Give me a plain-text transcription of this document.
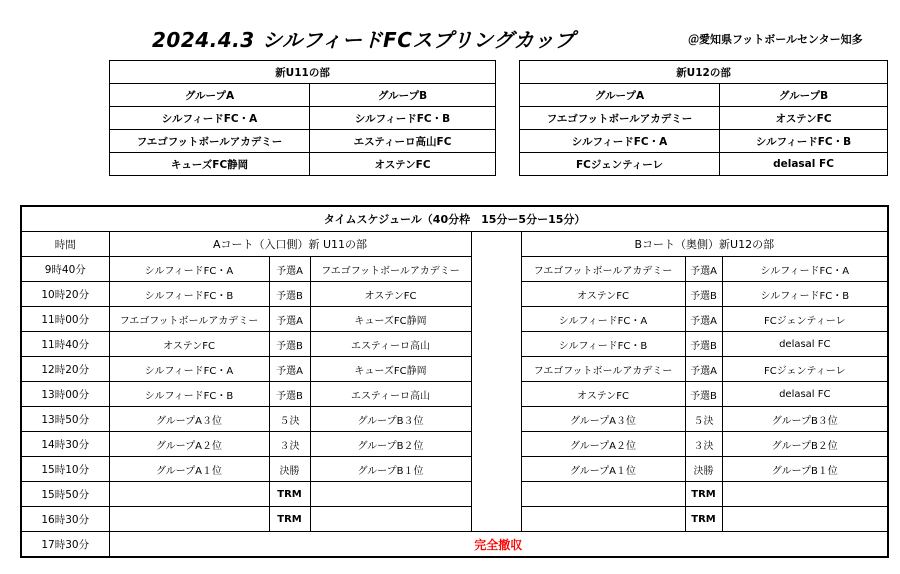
2024.4.3 シルフィードFCスプリングカップ	＠愛知県フットボールセンター知多
新U11の部	
グループA	グループB
シルフィードFC・A	シルフィードFC・B
フエゴフットボールアカデミー	エスティーロ高山FC
キューズFC静岡	オステンFC
新U12の部	
グループA	グループB
フエゴフットボールアカデミー	オステンFC
シルフィードFC・A	シルフィードFC・B
FCジェンティーレ	delasal FC
タイムスケジュール（40分枠　15分ー5分ー15分）							
時間	Aコート（入口側）新 U11の部				Bコート（奥側）新U12の部		
9時40分	シルフィードFC・A	予選A	フエゴフットボールアカデミー		フエゴフットボールアカデミー	予選A	シルフィードFC・A
10時20分	シルフィードFC・B	予選B	オステンFC		オステンFC	予選B	シルフィードFC・B
11時00分	フエゴフットボールアカデミー	予選A	キューズFC静岡		シルフィードFC・A	予選A	FCジェンティーレ
11時40分	オステンFC	予選B	エスティーロ高山		シルフィードFC・B	予選B	delasal FC
12時20分	シルフィードFC・A	予選A	キューズFC静岡		フエゴフットボールアカデミー	予選A	FCジェンティーレ
13時00分	シルフィードFC・B	予選B	エスティーロ高山		オステンFC	予選B	delasal FC
13時50分	グループA３位	５決	グループB３位		グループA３位	５決	グループB３位
14時30分	グループA２位	３決	グループB２位		グループA２位	３決	グループB２位
15時10分	グループA１位	決勝	グループB１位		グループA１位	決勝	グループB１位
15時50分		TRM				TRM	
16時30分		TRM				TRM	
17時30分	完全撤収						
